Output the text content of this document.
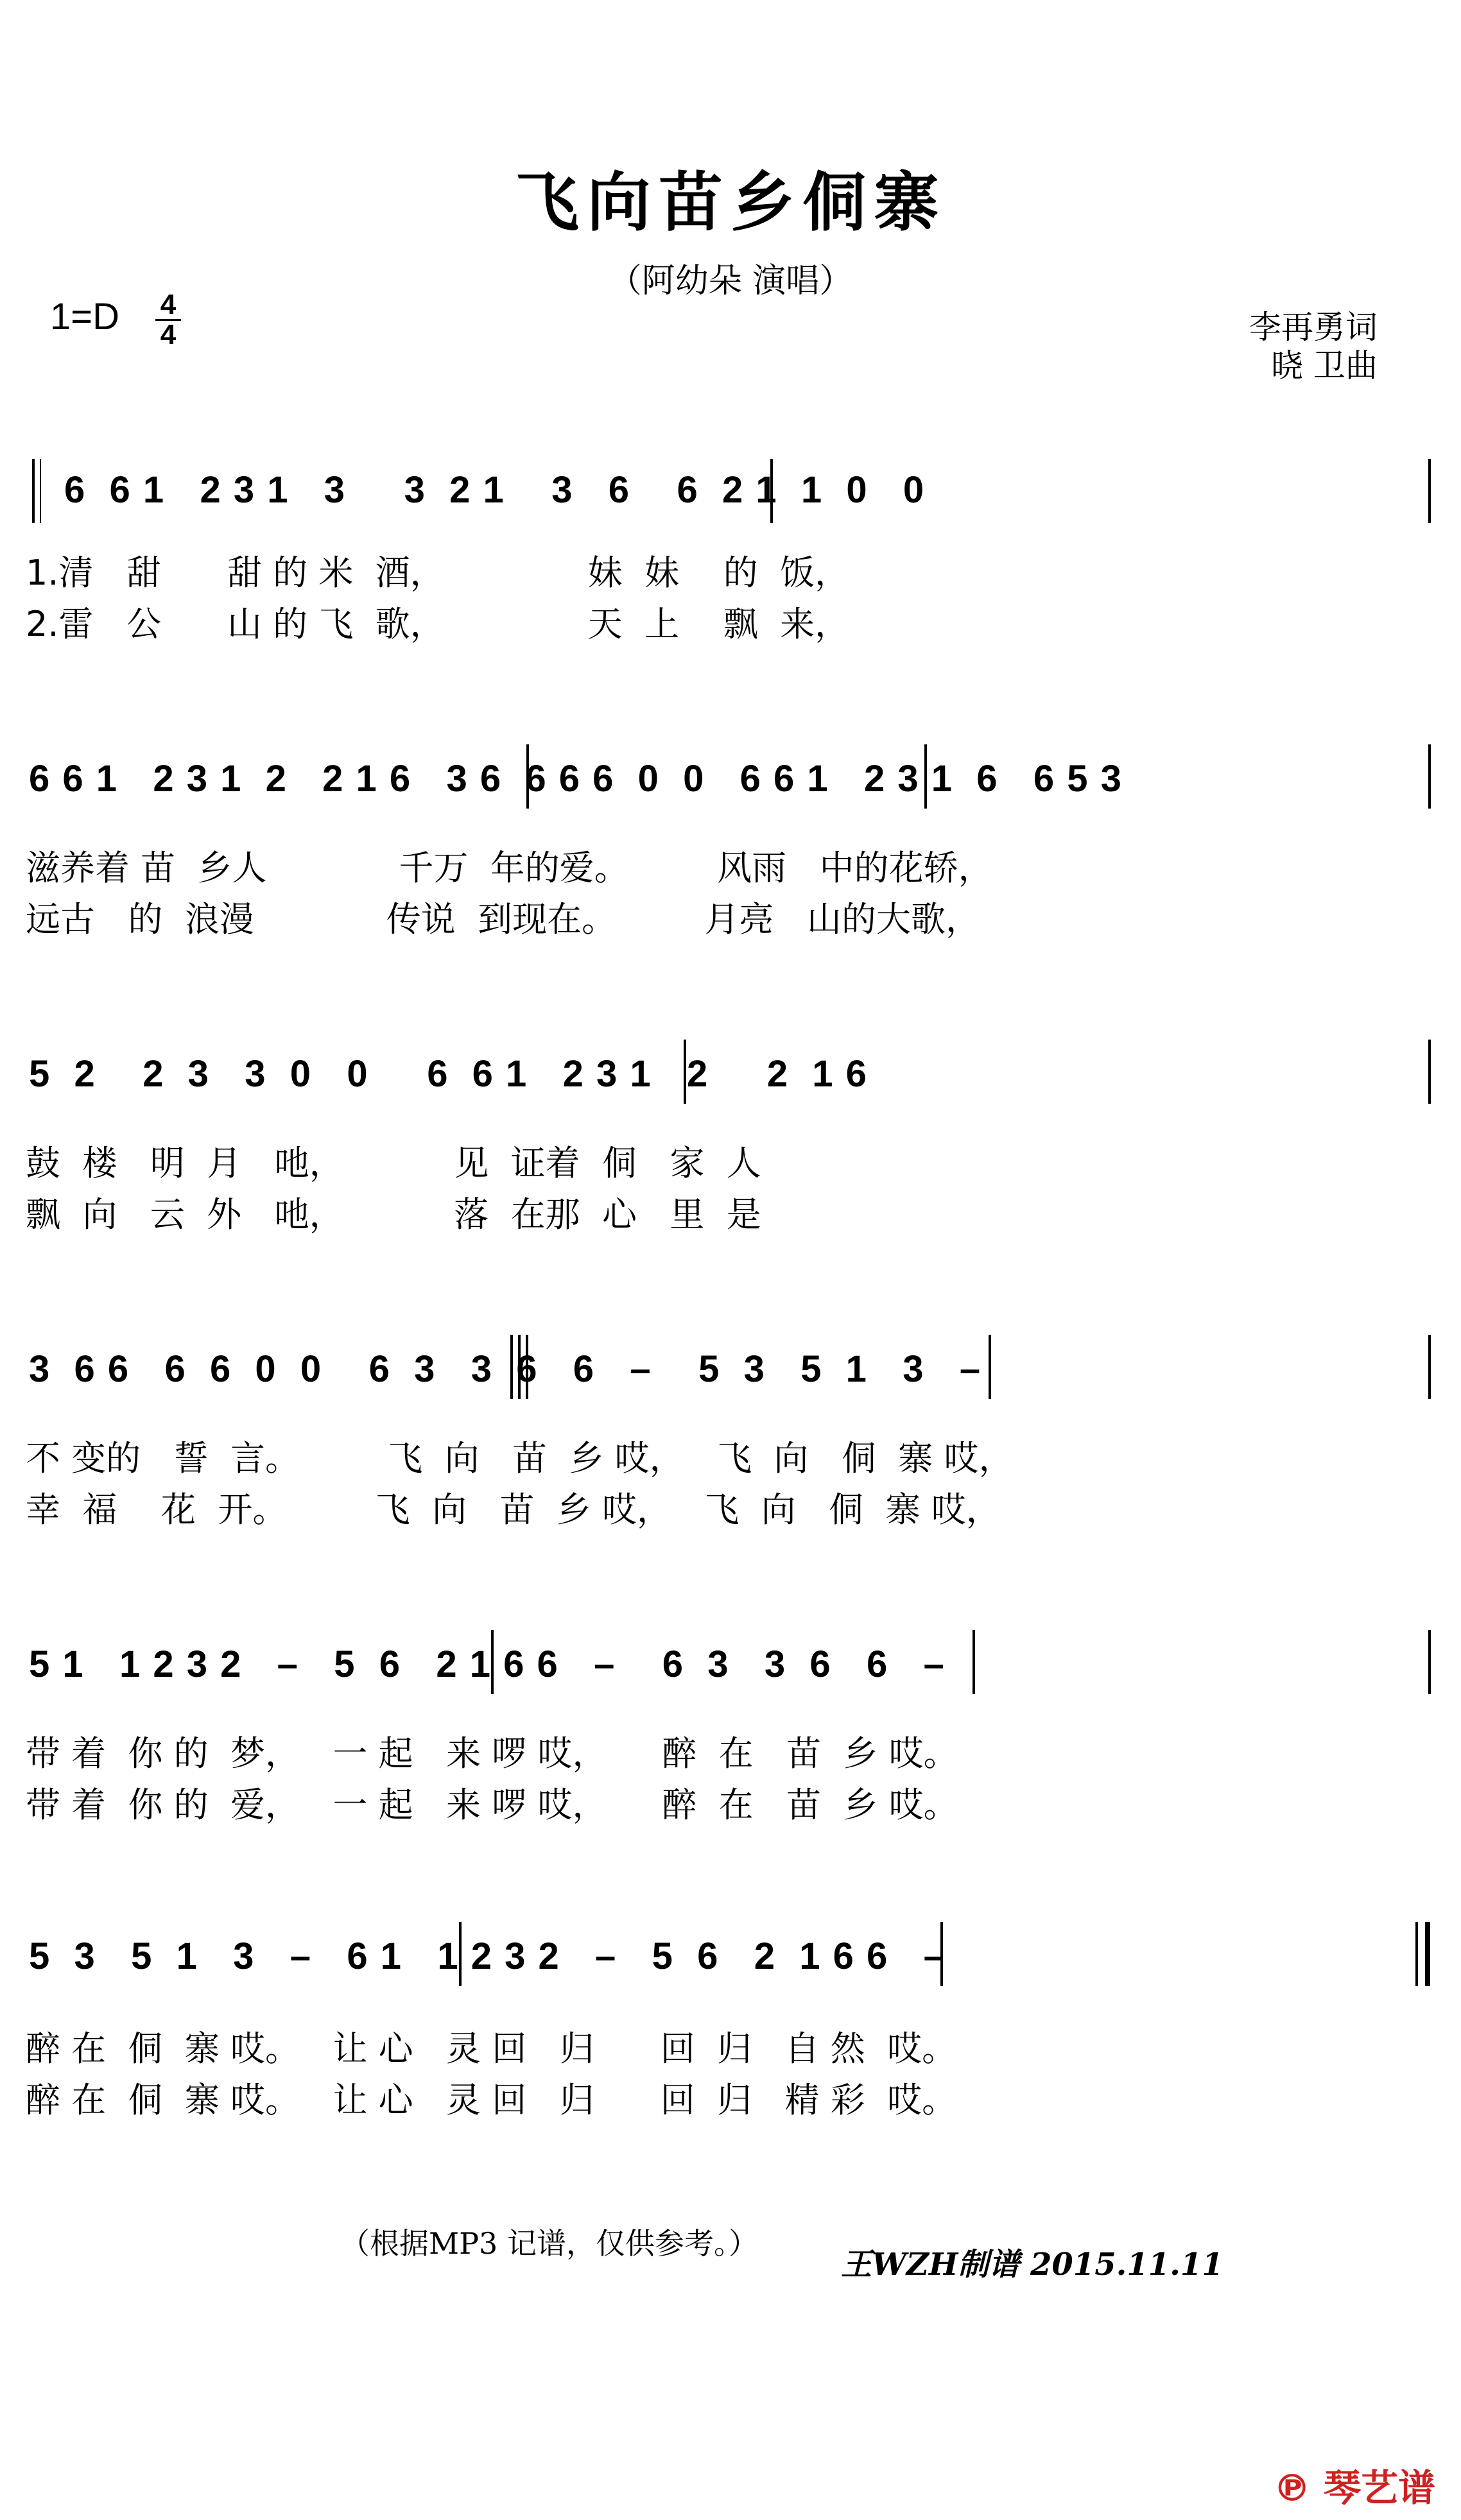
飞向苗乡侗寨
（阿幼朵 演唱）
1=D 4
4	李再勇词
晓 卫曲
6  6 1   2 3 1   3     3  2 1    3   6    6  2 1  1  0   0
1.清   甜      甜 的 米  酒，             妹  妹    的  饭，
2.雷   公      山 的 飞  歌，             天  上    飘  来，
6 6 1   2 3 1  2   2 1 6   3 6  6 6 6  0  0   6 6 1   2 3 1  6   6 5 3
滋养着 苗  乡人            千万  年的爱。        风雨   中的花轿，
远古   的  浪漫            传说  到现在。        月亮   山的大歌，
5  2    2  3   3  0   0     6  6 1   2 3 1   2     2  1 6
鼓  楼   明  月   吔，          见  证着  侗   家  人
飘  向   云  外   吔，          落  在那  心   里  是
3  6 6   6  6  0  0    6  3   3  6   6   –    5  3   5  1   3   –
不 变的   誓  言。        飞  向   苗  乡 哎，   飞  向   侗  寨 哎，
幸  福    花  开。        飞  向   苗  乡 哎，   飞  向   侗  寨 哎，
5 1   1 2 3 2   –   5  6   2 1 6 6   –    6  3   3  6   6   –
带 着  你 的  梦，   一 起   来 啰 哎，     醉  在   苗  乡 哎。
带 着  你 的  爱，   一 起   来 啰 哎，     醉  在   苗  乡 哎。
5  3   5  1   3   –   6 1   1 2 3 2   –   5  6   2  1 6 6   –
醉 在  侗  寨 哎。   让 心   灵 回   归      回  归   自 然  哎。
醉 在  侗  寨 哎。   让 心   灵 回   归      回  归   精 彩  哎。
（根据MP3 记谱，仅供参考。）
王WZH制谱 2015.11.11
℗ 琴艺谱
